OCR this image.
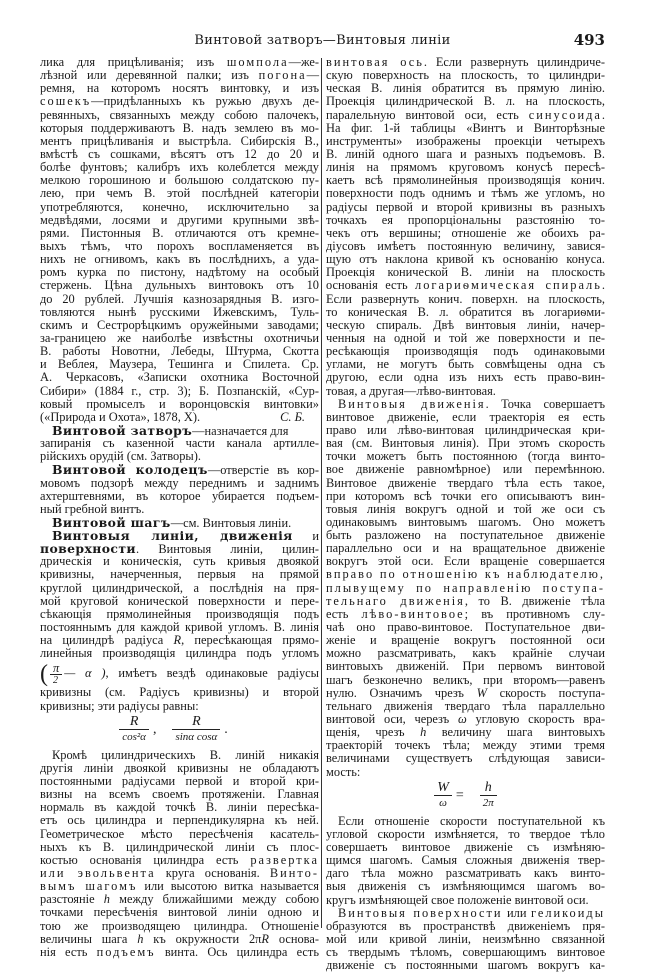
Винтовой затворъ—Винтовыя линіи	493
лика для прицѣливанія; изъ шомпола—же-
лѣзной или деревянной палки; изъ погона—
ремня, на которомъ носятъ винтовку, и изъ
сошекъ—придѣланныхъ къ ружью двухъ де-
ревянныхъ, связанныхъ между собою палочекъ,
которыя поддерживаютъ В. надъ землею въ мо-
ментъ прицѣливанія и выстрѣла. Сибирскія В.,
вмѣстѣ съ сошками, вѣсятъ отъ 12 до 20 и
болѣе фунтовъ; калибръ ихъ колеблется между
мелкою горошиною и большою солдатскою пу-
лею, при чемъ В. этой послѣдней категоріи
употребляются, конечно, исключительно за
медвѣдями, лосями и другими крупными звѣ-
рями. Пистонныя В. отличаются отъ кремне-
выхъ тѣмъ, что порохъ воспламеняется въ
нихъ не огнивомъ, какъ въ послѣднихъ, а уда-
ромъ курка по пистону, надѣтому на особый
стержень. Цѣна дульныхъ винтовокъ отъ 10
до 20 рублей. Лучшія казнозарядныя В. изго-
товляются нынѣ русскими Ижевскимъ, Туль-
скимъ и Сестрорѣцкимъ оружейными заводами;
за-границею же наиболѣе извѣстны охотничьи
В. работы Новотни, Лебеды, Штурма, Скотта
и Веблея, Маузера, Тешинга и Спилета. Ср.
А. Черкасовъ, «Записки охотника Восточной
Сибири» (1884 г., стр. 3); Б. Позпанскій, «Сур-
ковый промыселъ и воронцовскія винтовки»
(«Природа и Охота», 1878, X).	С. Б.
Винтовой затворъ—назначается для
запиранія съ казенной части канала артилле-
рійскихъ орудій (см. Затворы).
Винтовой колодецъ—отверстіе въ кор-
мовомъ подзорѣ между переднимъ и заднимъ
ахтерштевнями, въ которое убирается подъем-
ный гребной винтъ.
Винтовой шагъ—см. Винтовыя линіи.
Винтовыя линіи, движенія и
поверхности. Винтовыя линіи, цилин-
дрическія и коническія, суть кривыя двоякой
кривизны, начерченныя, первыя на прямой
круглой цилиндрической, а послѣднія на пря-
мой круговой конической поверхности и пере-
сѣкающія прямолинейныя производящія подъ
постояннымъ для каждой кривой угломъ. В. линія
на цилиндрѣ радіуса R, пересѣкающая прямо-
линейныя производящія цилиндра подъ угломъ
( $\frac{\pi}{2}$ — α ), имѣетъ вездѣ одинаковые радіусы
кривизны (см. Радіусъ кривизны) и второй
кривизны; эти радіусы равны:
$\frac{R}{\text{cos²α}}$ , $\frac{R}{\text{sinα cosα}}$ .
Кромѣ цилиндрическихъ В. линій никакія
другія линіи двоякой кривизны не обладаютъ
постоянными радіусами первой и второй кри-
визны на всемъ своемъ протяженіи. Главная
нормаль въ каждой точкѣ В. линіи пересѣка-
етъ ось цилиндра и перпендикулярна къ ней.
Геометрическое мѣсто пересѣченія касатель-
ныхъ къ В. цилиндрической линіи съ плос-
костью основанія цилиндра есть развертка
или эвольвента круга основанія. Винто-
вымъ шагомъ или высотою витка называется
разстояніе h между ближайшими между собою
точками пересѣченія винтовой линіи одною и
тою же производящею цилиндра. Отношеніе
величины шага h къ окружности 2πR основа-
нія есть подъемъ винта. Ось цилиндра есть
винтовая ось. Если развернуть цилиндриче-
скую поверхность на плоскость, то цилиндри-
ческая В. линія обратится въ прямую линію.
Проекція цилиндрической В. л. на плоскость,
паралельную винтовой оси, есть синусоида.
На фиг. 1-й таблицы «Винтъ и Винторѣзные
инструменты» изображены проекціи четырехъ
В. линій одного шага и разныхъ подъемовъ. В.
линія на прямомъ круговомъ конусѣ пересѣ-
каетъ всѣ прямолинейныя производящія конич.
поверхности подъ однимъ и тѣмъ же угломъ, но
радіусы первой и второй кривизны въ разныхъ
точкахъ ея пропорціональны разстоянію то-
чекъ отъ вершины; отношеніе же обоихъ ра-
діусовъ имѣетъ постоянную величину, завися-
щую отъ наклона кривой къ основанію конуса.
Проекція конической В. линіи на плоскость
основанія есть логариѳмическая спираль.
Если развернуть конич. поверхн. на плоскость,
то коническая В. л. обратится въ логариѳми-
ческую спираль. Двѣ винтовыя линіи, начер-
ченныя на одной и той же поверхности и пе-
ресѣкающія производящія подъ одинаковыми
углами, не могутъ быть совмѣщены одна съ
другою, если одна изъ нихъ есть право-вин-
товая, а другая—лѣво-винтовая.
Винтовыя движенія. Точка совершаетъ
винтовое движеніе, если траекторія ея есть
право или лѣво-винтовая цилиндрическая кри-
вая (см. Винтовыя линія). При этомъ скорость
точки можетъ быть постоянною (тогда винто-
вое движеніе равномѣрное) или перемѣнною.
Винтовое движеніе твердаго тѣла есть такое,
при которомъ всѣ точки его описываютъ вин-
товыя линія вокругъ одной и той же оси съ
одинаковымъ винтовымъ шагомъ. Оно можетъ
быть разложено на поступательное движеніе
параллельно оси и на вращательное движеніе
вокругъ этой оси. Если вращеніе совершается
вправо по отношенію къ наблюдателю,
плывущему по направленію поступа-
тельнаго движенія, то В. движеніе тѣла
есть лѣво-винтовое; въ противномъ слу-
чаѣ оно право-винтовое. Поступательное дви-
женіе и вращеніе вокругъ постоянной оси
можно разсматривать, какъ крайніе случаи
винтовыхъ движеній. При первомъ винтовой
шагъ безконечно великъ, при второмъ—равенъ
нулю. Означимъ чрезъ W скорость поступа-
тельнаго движенія твердаго тѣла параллельно
винтовой оси, черезъ ω угловую скорость вра-
щенія, чрезъ h величину шага винтовыхъ
траекторій точекъ тѣла; между этими тремя
величинами существуетъ слѣдующая зависи-
мость:
$\frac{W}{\omega} = \frac{h}{2\pi}$
Если отношеніе скорости поступательной къ
угловой скорости измѣняется, то твердое тѣло
совершаетъ винтовое движеніе съ измѣняю-
щимся шагомъ. Самыя сложныя движенія твер-
даго тѣла можно разсматривать какъ винто-
выя движенія съ измѣняющимся шагомъ во-
кругъ измѣняющей свое положеніе винтовой оси.
Винтовыя поверхности или геликоиды
образуются въ пространствѣ движеніемъ пря-
мой или кривой линіи, неизмѣнно связанной
съ твердымъ тѣломъ, совершающимъ винтовое
движеніе съ постоянными шагомъ вокругъ ка-
